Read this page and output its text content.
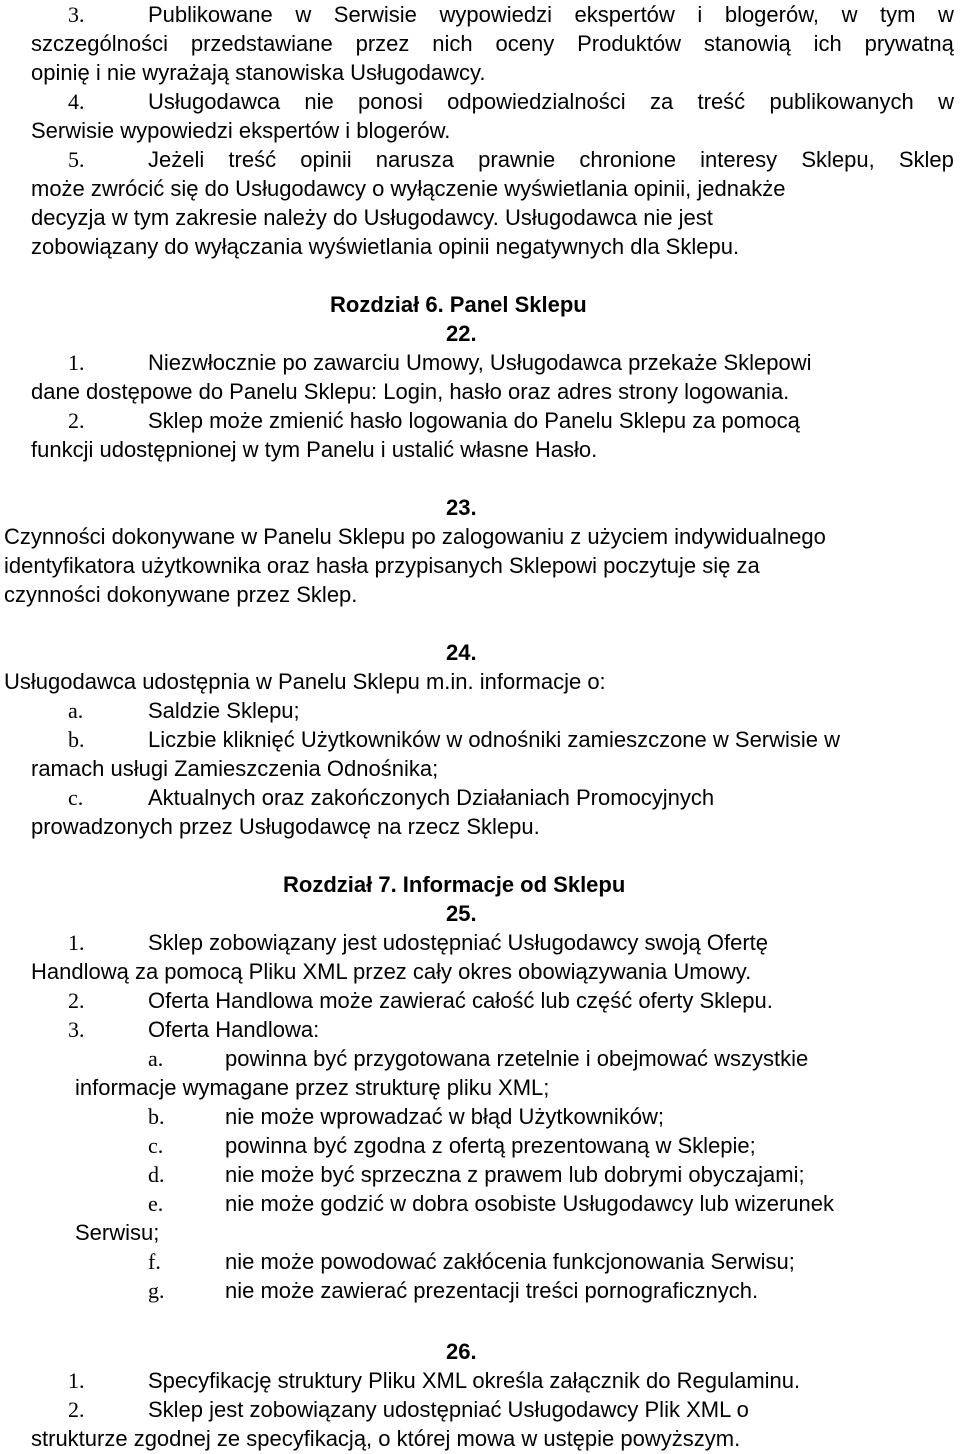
3.	Publikowane w Serwisie wypowiedzi ekspertów i blogerów, w tym w
szczególności przedstawiane przez nich oceny Produktów stanowią ich prywatną
opinię i nie wyrażają stanowiska Usługodawcy.
4.	Usługodawca nie ponosi odpowiedzialności za treść publikowanych w
Serwisie wypowiedzi ekspertów i blogerów.
5.	Jeżeli treść opinii narusza prawnie chronione interesy Sklepu, Sklep
może zwrócić się do Usługodawcy o wyłączenie wyświetlania opinii, jednakże
decyzja w tym zakresie należy do Usługodawcy. Usługodawca nie jest
zobowiązany do wyłączania wyświetlania opinii negatywnych dla Sklepu.
Rozdział 6. Panel Sklepu
22.
1.	Niezwłocznie po zawarciu Umowy, Usługodawca przekaże Sklepowi
dane dostępowe do Panelu Sklepu: Login, hasło oraz adres strony logowania.
2.	Sklep może zmienić hasło logowania do Panelu Sklepu za pomocą
funkcji udostępnionej w tym Panelu i ustalić własne Hasło.
23.
Czynności dokonywane w Panelu Sklepu po zalogowaniu z użyciem indywidualnego
identyfikatora użytkownika oraz hasła przypisanych Sklepowi poczytuje się za
czynności dokonywane przez Sklep.
24.
Usługodawca udostępnia w Panelu Sklepu m.in. informacje o:
a.	Saldzie Sklepu;
b.	Liczbie kliknięć Użytkowników w odnośniki zamieszczone w Serwisie w
ramach usługi Zamieszczenia Odnośnika;
c.	Aktualnych oraz zakończonych Działaniach Promocyjnych
prowadzonych przez Usługodawcę na rzecz Sklepu.
Rozdział 7. Informacje od Sklepu
25.
1.	Sklep zobowiązany jest udostępniać Usługodawcy swoją Ofertę
Handlową za pomocą Pliku XML przez cały okres obowiązywania Umowy.
2.	Oferta Handlowa może zawierać całość lub część oferty Sklepu.
3.	Oferta Handlowa:
a.	powinna być przygotowana rzetelnie i obejmować wszystkie
informacje wymagane przez strukturę pliku XML;
b.	nie może wprowadzać w błąd Użytkowników;
c.	powinna być zgodna z ofertą prezentowaną w Sklepie;
d.	nie może być sprzeczna z prawem lub dobrymi obyczajami;
e.	nie może godzić w dobra osobiste Usługodawcy lub wizerunek
Serwisu;
f.	nie może powodować zakłócenia funkcjonowania Serwisu;
g.	nie może zawierać prezentacji treści pornograficznych.
26.
1.	Specyfikację struktury Pliku XML określa załącznik do Regulaminu.
2.	Sklep jest zobowiązany udostępniać Usługodawcy Plik XML o
strukturze zgodnej ze specyfikacją, o której mowa w ustępie powyższym.
